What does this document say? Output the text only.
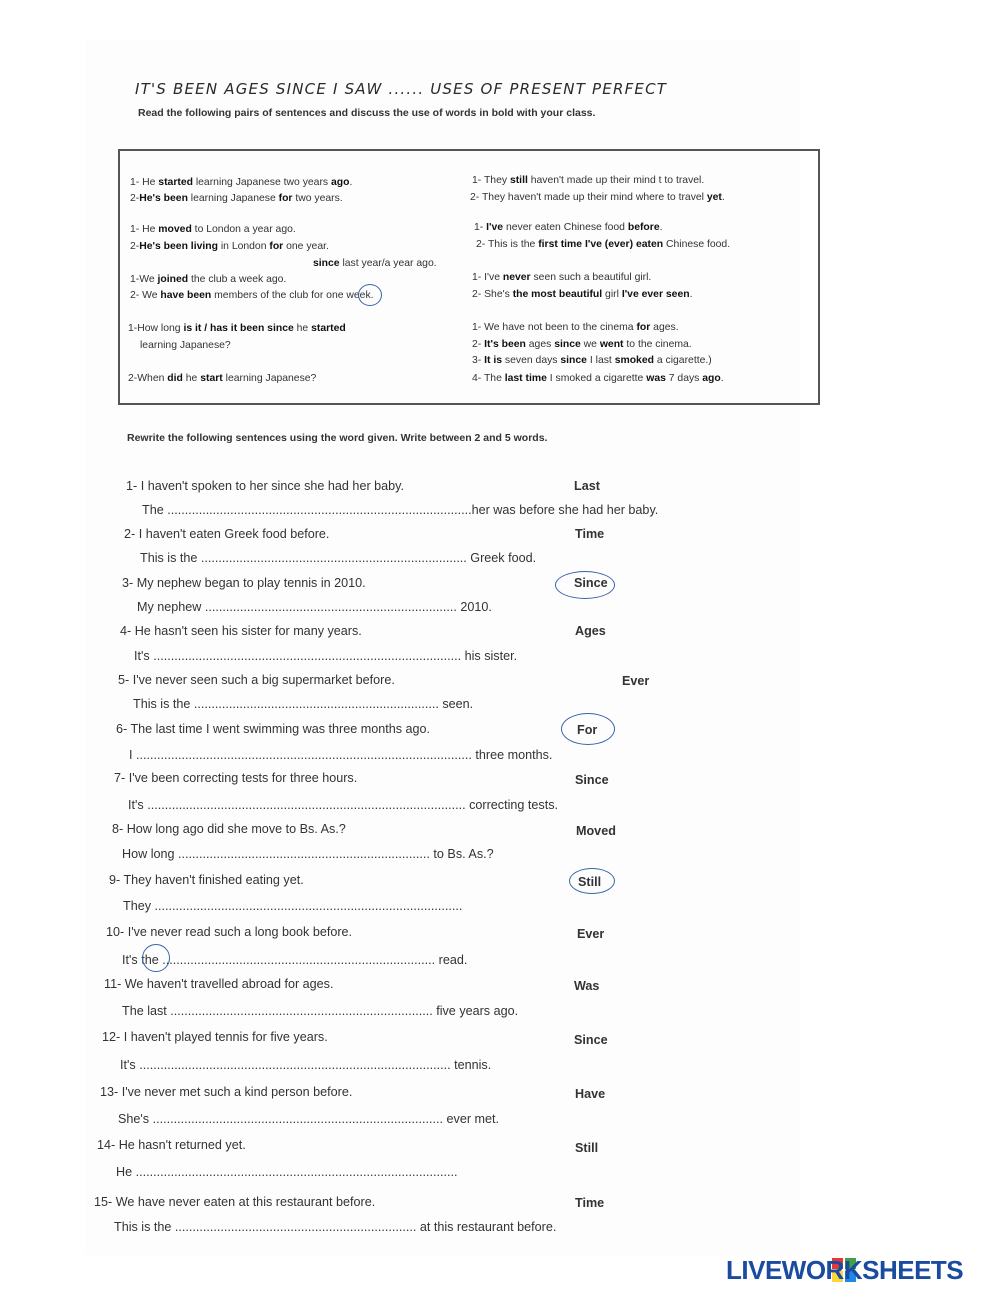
IT'S BEEN AGES SINCE I SAW ...... USES OF PRESENT PERFECT
Read the following pairs of sentences and discuss the use of words in bold with your class.
1- He started learning Japanese two years ago.
2-He's been learning Japanese for two years.
1- He moved to London a year ago.
2-He's been living in London for one year.
since last year/a year ago.
1-We joined the club a week ago.
2- We have been members of the club for one week.
1-How long is it / has it been since he started
learning Japanese?
2-When did he start learning Japanese?
1- They still haven't made up their mind t to travel.
2- They haven't made up their mind where to travel yet.
1- I've never eaten Chinese food before.
2- This is the first time I've (ever) eaten Chinese food.
1- I've never seen such a beautiful girl.
2- She's the most beautiful girl I've ever seen.
1- We have not been to the cinema for ages.
2- It's been ages since we went to the cinema.
3- It is seven days since I last smoked a cigarette.)
4- The last time I smoked a cigarette was 7 days ago.
Rewrite the following sentences using the word given. Write between 2 and 5 words.
1- I haven't spoken to her since she had her baby.	Last
The .......................................................................................her was before she had her baby.
2- I haven't eaten Greek food before.	Time
This is the ............................................................................ Greek food.
3- My nephew began to play tennis in 2010.	Since
My nephew ........................................................................ 2010.
4- He hasn't seen his sister for many years.	Ages
It's ........................................................................................ his sister.
5- I've never seen such a big supermarket before.	Ever
This is the ...................................................................... seen.
6- The last time I went swimming was three months ago.	For
I ................................................................................................ three months.
7- I've been correcting tests for three hours.	Since
It's ........................................................................................... correcting tests.
8- How long ago did she move to Bs. As.?	Moved
How long ........................................................................ to Bs. As.?
9- They haven't finished eating yet.	Still
They ........................................................................................
10- I've never read such a long book before.	Ever
It's the .............................................................................. read.
11- We haven't travelled abroad for ages.	Was
The last ........................................................................... five years ago.
12- I haven't played tennis for five years.	Since
It's ......................................................................................... tennis.
13- I've never met such a kind person before.	Have
She's ................................................................................... ever met.
14- He hasn't returned yet.	Still
He ............................................................................................
15- We have never eaten at this restaurant before.	Time
This is the ..................................................................... at this restaurant before.
LIVEWORKSHEETS
